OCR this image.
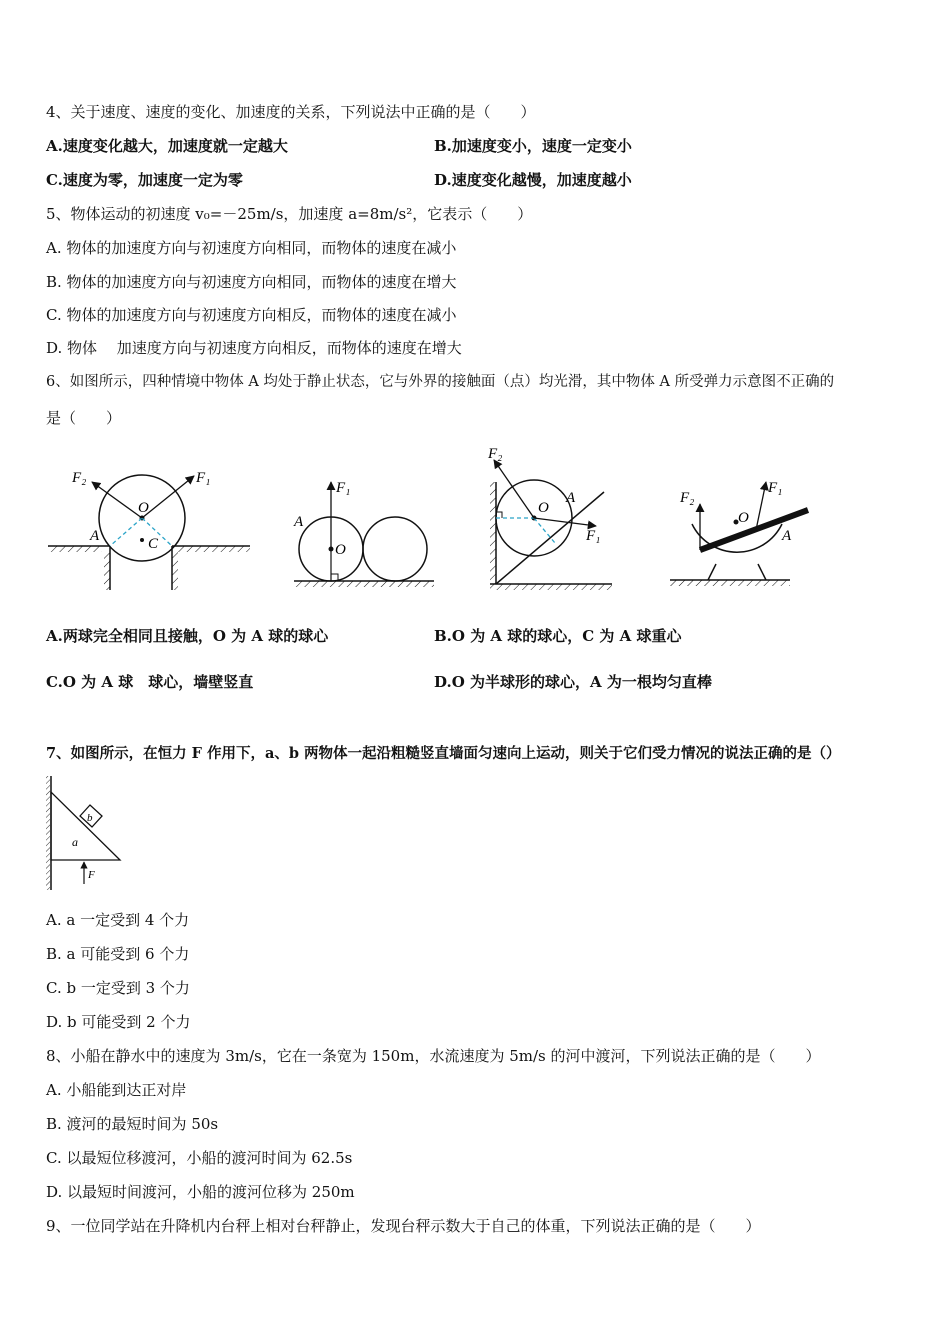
4、关于速度、速度的变化、加速度的关系，下列说法中正确的是（　　）
A.速度变化越大，加速度就一定越大	B.加速度变小，速度一定变小
C.速度为零，加速度一定为零	D.速度变化越慢，加速度越小
5、物体运动的初速度 v₀=－25m/s，加速度 a=8m/s²，它表示（　　）
A. 物体的加速度方向与初速度方向相同，而物体的速度在减小
B. 物体的加速度方向与初速度方向相同，而物体的速度在增大
C. 物体的加速度方向与初速度方向相反，而物体的速度在减小
D. 物体　 加速度方向与初速度方向相反，而物体的速度在增大
6、如图所示，四种情境中物体 A 均处于静止状态，它与外界的接触面（点）均光滑，其中物体 A 所受弹力示意图不正确的
是（　　）
F₂	F₁
O
C
A
F₁
O
A
F₂
F₁
O
A	F₂
F₁
O
A
A.两球完全相同且接触，O 为 A 球的球心	B.O 为 A 球的球心，C 为 A 球重心
C.O 为 A 球　球心，墙壁竖直	D.O 为半球形的球心，A 为一根均匀直棒
7、如图所示，在恒力 F 作用下，a、b 两物体一起沿粗糙竖直墙面匀速向上运动，则关于它们受力情况的说法正确的是（）
b
a
F
A. a 一定受到 4 个力
B. a 可能受到 6 个力
C. b 一定受到 3 个力
D. b 可能受到 2 个力
8、小船在静水中的速度为 3m/s，它在一条宽为 150m，水流速度为 5m/s 的河中渡河，下列说法正确的是（　　）
A. 小船能到达正对岸
B. 渡河的最短时间为 50s
C. 以最短位移渡河，小船的渡河时间为 62.5s
D. 以最短时间渡河，小船的渡河位移为 250m
9、一位同学站在升降机内台秤上相对台秤静止，发现台秤示数大于自己的体重，下列说法正确的是（　　）
